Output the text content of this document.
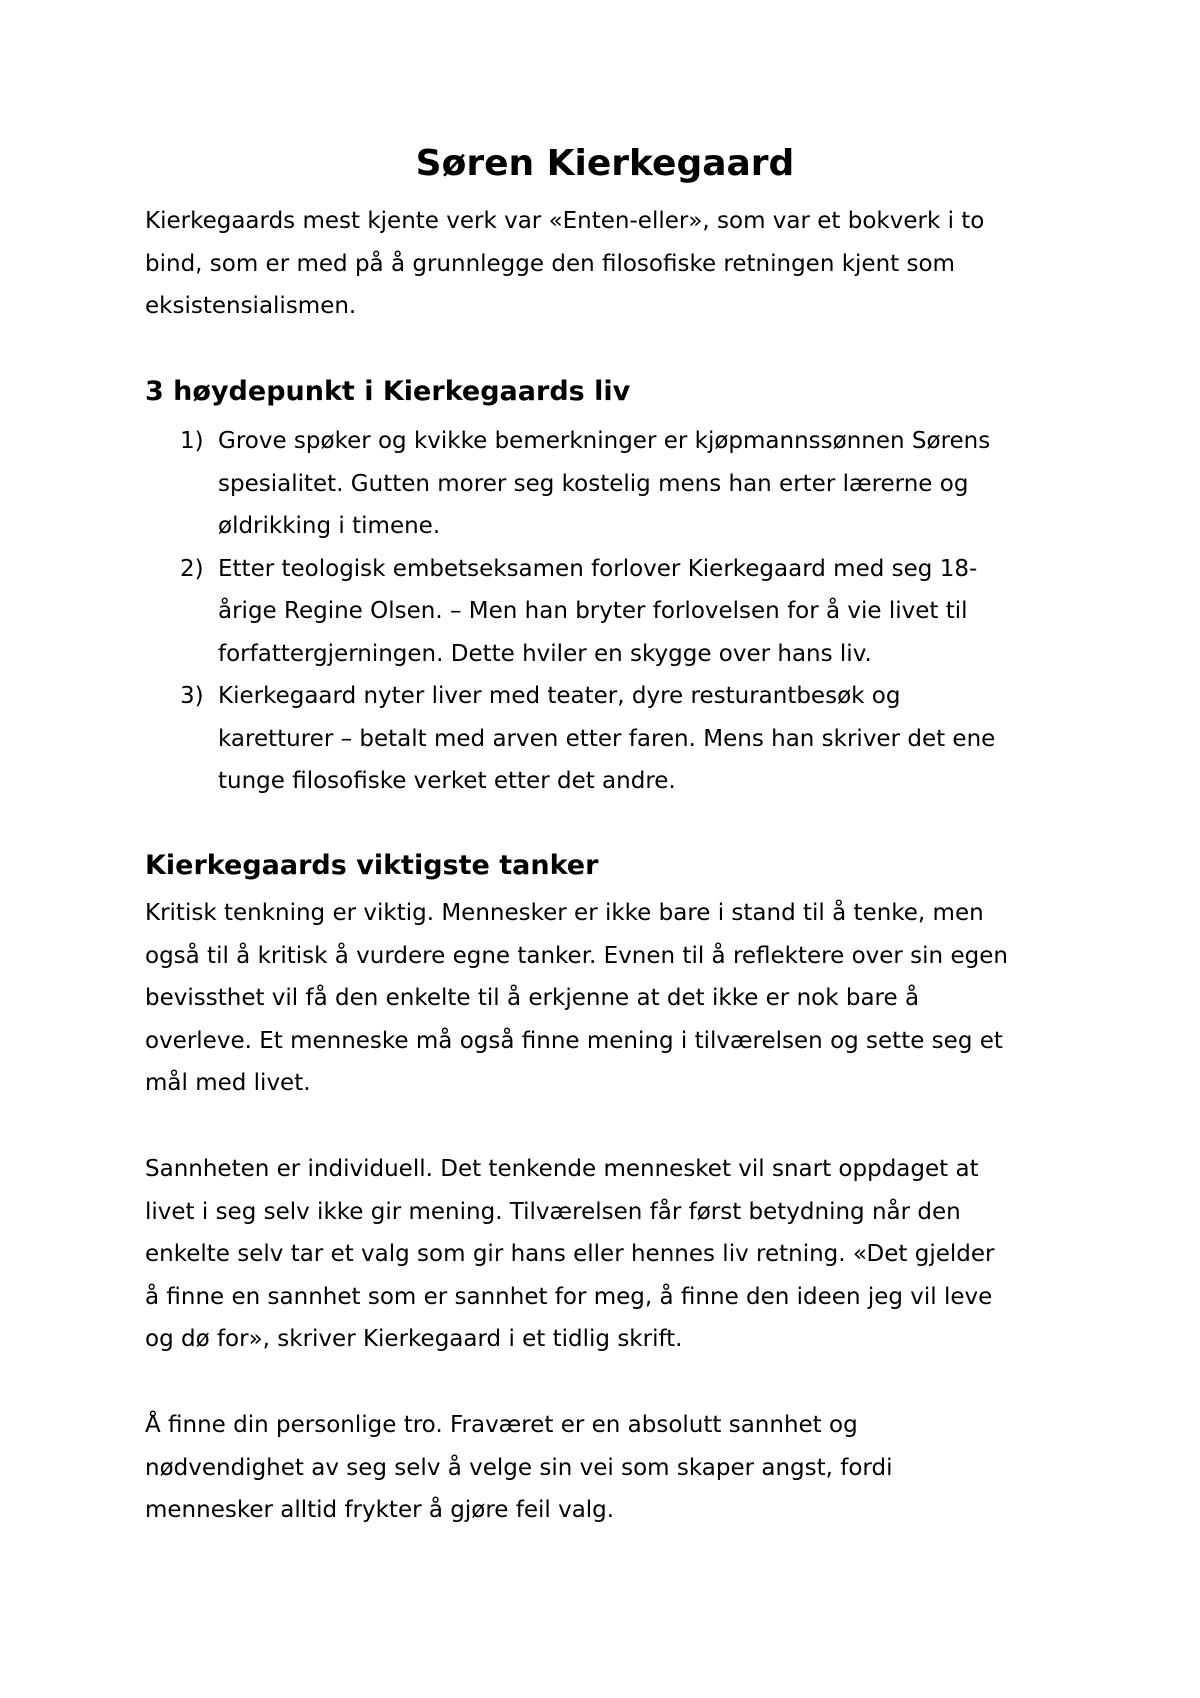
Søren Kierkegaard

Kierkegaards mest kjente verk var «Enten-eller», som var et bokverk i to
bind, som er med på å grunnlegge den filosofiske retningen kjent som
eksistensialismen.

3 høydepunkt i Kierkegaards liv
1) Grove spøker og kvikke bemerkninger er kjøpmannssønnen Sørens
spesialitet. Gutten morer seg kostelig mens han erter lærerne og
øldrikking i timene.
2) Etter teologisk embetseksamen forlover Kierkegaard med seg 18-
årige Regine Olsen. – Men han bryter forlovelsen for å vie livet til
forfattergjerningen. Dette hviler en skygge over hans liv.
3) Kierkegaard nyter liver med teater, dyre resturantbesøk og
karetturer – betalt med arven etter faren. Mens han skriver det ene
tunge filosofiske verket etter det andre.
Kierkegaards viktigste tanker

Kritisk tenkning er viktig. Mennesker er ikke bare i stand til å tenke, men
også til å kritisk å vurdere egne tanker. Evnen til å reflektere over sin egen
bevissthet vil få den enkelte til å erkjenne at det ikke er nok bare å
overleve. Et menneske må også finne mening i tilværelsen og sette seg et
mål med livet.

Sannheten er individuell. Det tenkende mennesket vil snart oppdaget at
livet i seg selv ikke gir mening. Tilværelsen får først betydning når den
enkelte selv tar et valg som gir hans eller hennes liv retning. «Det gjelder
å finne en sannhet som er sannhet for meg, å finne den ideen jeg vil leve
og dø for», skriver Kierkegaard i et tidlig skrift.

Å finne din personlige tro. Fraværet er en absolutt sannhet og
nødvendighet av seg selv å velge sin vei som skaper angst, fordi
mennesker alltid frykter å gjøre feil valg.
